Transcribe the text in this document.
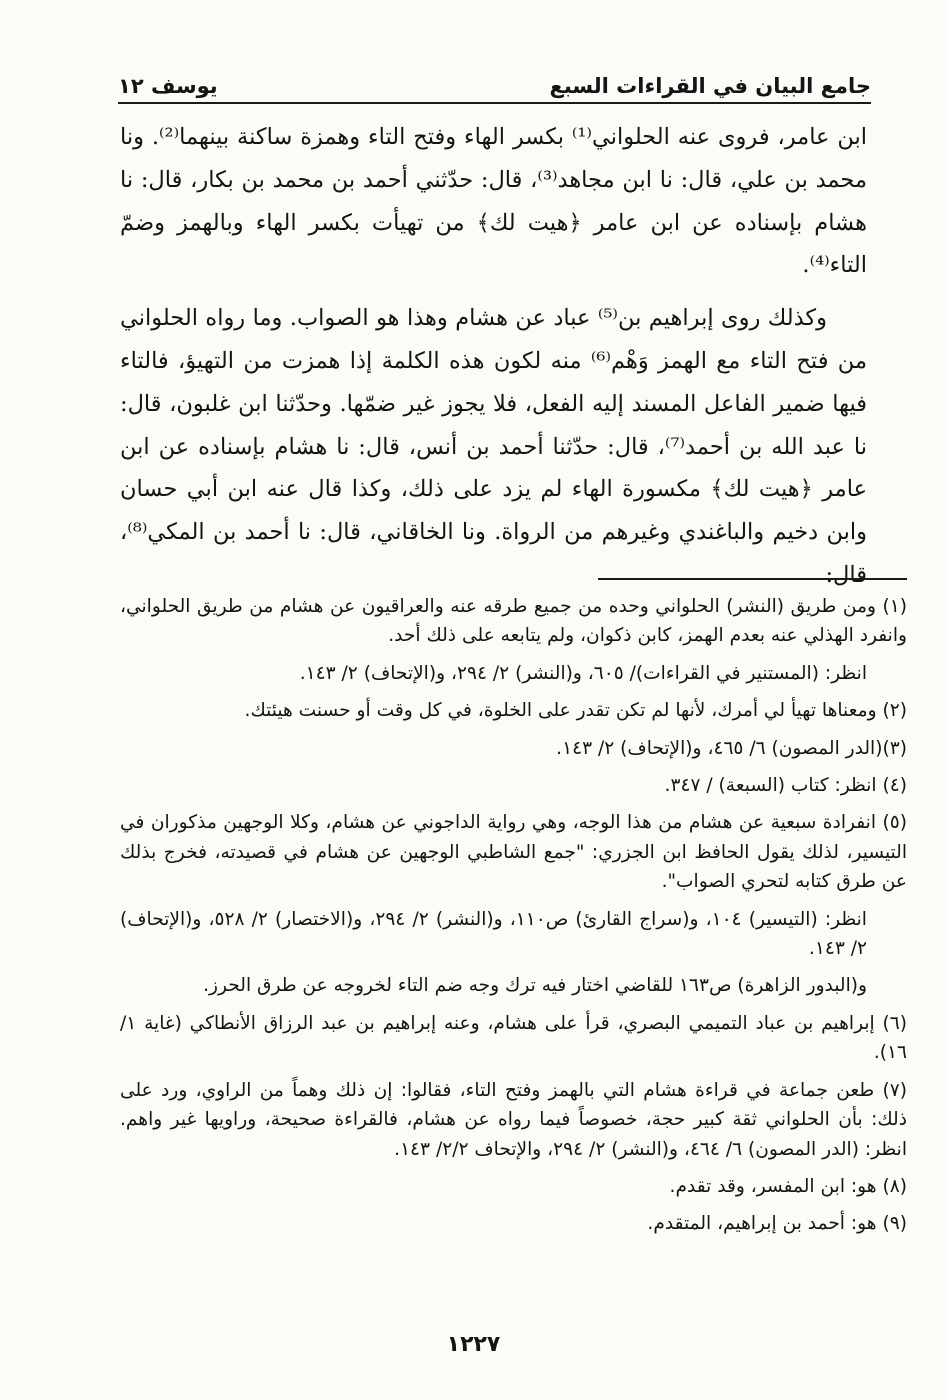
جامع البيان في القراءات السبع
يوسف ١٢

ابن عامر، فروى عنه الحلواني⁽¹⁾ بكسر الهاء وفتح التاء وهمزة ساكنة بينهما⁽²⁾. ونا محمد بن علي، قال: نا ابن مجاهد⁽³⁾، قال: حدّثني أحمد بن محمد بن بكار، قال: نا هشام بإسناده عن ابن عامر ﴿هيت لك﴾ من تهيأت بكسر الهاء وبالهمز وضمّ التاء⁽⁴⁾.

وكذلك روى إبراهيم بن⁽⁵⁾ عباد عن هشام وهذا هو الصواب. وما رواه الحلواني من فتح التاء مع الهمز وَهْم⁽⁶⁾ منه لكون هذه الكلمة إذا همزت من التهيؤ، فالتاء فيها ضمير الفاعل المسند إليه الفعل، فلا يجوز غير ضمّها. وحدّثنا ابن غلبون، قال: نا عبد الله بن أحمد⁽⁷⁾، قال: حدّثنا أحمد بن أنس، قال: نا هشام بإسناده عن ابن عامر ﴿هيت لك﴾ مكسورة الهاء لم يزد على ذلك، وكذا قال عنه ابن أبي حسان وابن دخيم والباغندي وغيرهم من الرواة. ونا الخاقاني، قال: نا أحمد بن المكي⁽⁸⁾، قال:

(١) ومن طريق (النشر) الحلواني وحده من جميع طرقه عنه والعراقيون عن هشام من طريق الحلواني، وانفرد الهذلي عنه بعدم الهمز، كابن ذكوان، ولم يتابعه على ذلك أحد.

انظر: (المستنير في القراءات)/ ٦٠٥، و(النشر) ٢/ ٢٩٤، و(الإتحاف) ٢/ ١٤٣.

(٢) ومعناها تهيأ لي أمرك، لأنها لم تكن تقدر على الخلوة، في كل وقت أو حسنت هيئتك.

(٣)(الدر المصون) ٦/ ٤٦٥، و(الإتحاف) ٢/ ١٤٣.

(٤) انظر: كتاب (السبعة) / ٣٤٧.

(٥) انفرادة سبعية عن هشام من هذا الوجه، وهي رواية الداجوني عن هشام، وكلا الوجهين مذكوران في التيسير، لذلك يقول الحافظ ابن الجزري: "جمع الشاطبي الوجهين عن هشام في قصيدته، فخرج بذلك عن طرق كتابه لتحري الصواب".

انظر: (التيسير) ١٠٤، و(سراج القارئ) ص١١٠، و(النشر) ٢/ ٢٩٤، و(الاختصار) ٢/ ٥٢٨، و(الإتحاف) ٢/ ١٤٣.

و(البدور الزاهرة) ص١٦٣ للقاضي اختار فيه ترك وجه ضم التاء لخروجه عن طرق الحرز.

(٦) إبراهيم بن عباد التميمي البصري، قرأ على هشام، وعنه إبراهيم بن عبد الرزاق الأنطاكي (غاية ١/ ١٦).

(٧) طعن جماعة في قراءة هشام التي بالهمز وفتح التاء، فقالوا: إن ذلك وهماً من الراوي، ورد على ذلك: بأن الحلواني ثقة كبير حجة، خصوصاً فيما رواه عن هشام، فالقراءة صحيحة، وراويها غير واهم. انظر: (الدر المصون) ٦/ ٤٦٤، و(النشر) ٢/ ٢٩٤، والإتحاف ٢/٢/ ١٤٣.

(٨) هو: ابن المفسر، وقد تقدم.

(٩) هو: أحمد بن إبراهيم، المتقدم.

١٢٢٧
